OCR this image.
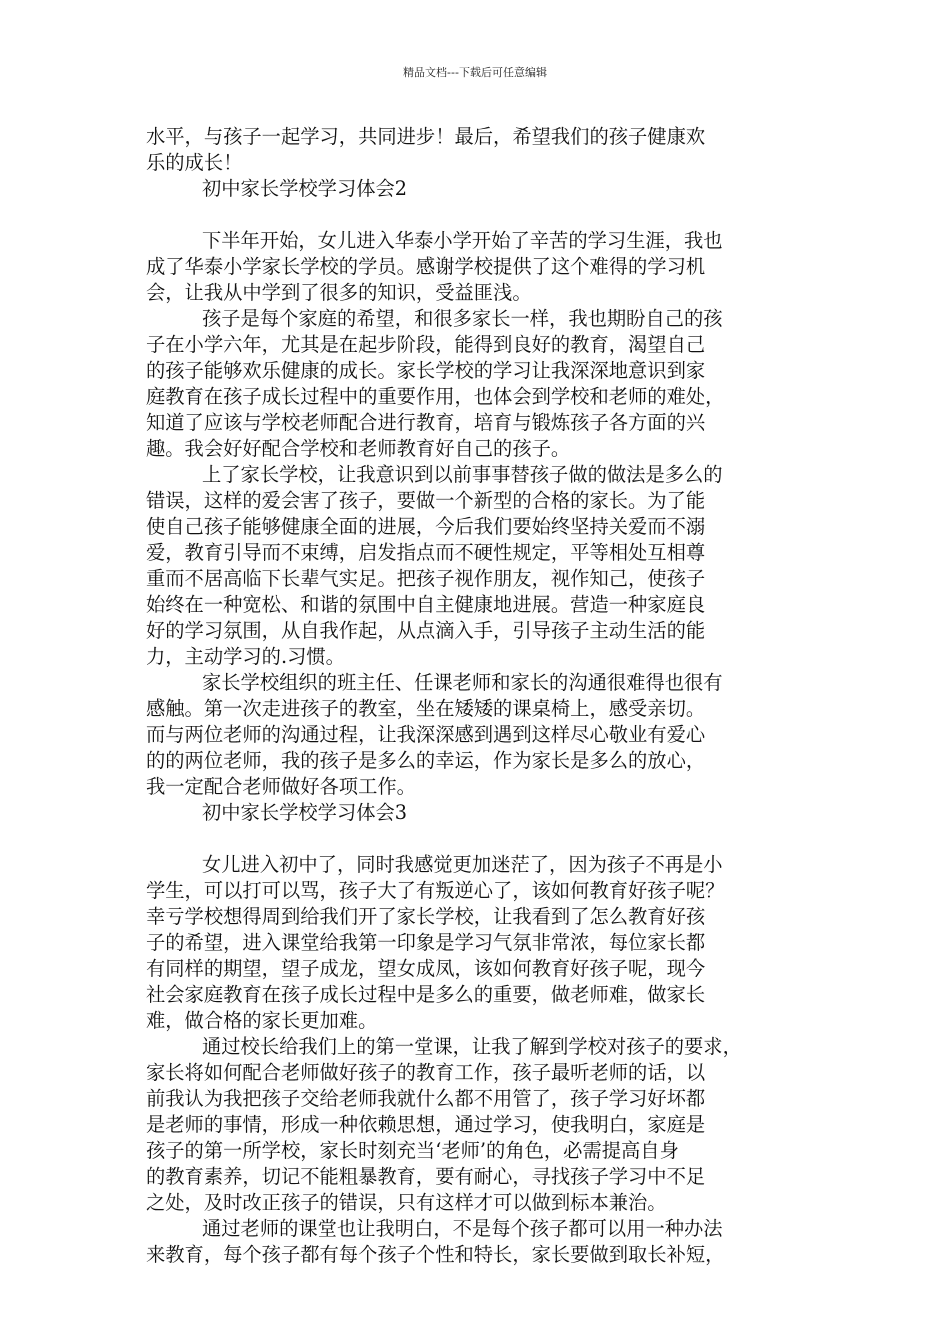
精品文档---下载后可任意编辑
水平，与孩子一起学习，共同进步！最后，希望我们的孩子健康欢
乐的成长！
初中家长学校学习体会2
下半年开始，女儿进入华泰小学开始了辛苦的学习生涯，我也
成了华泰小学家长学校的学员。感谢学校提供了这个难得的学习机
会，让我从中学到了很多的知识，受益匪浅。
孩子是每个家庭的希望，和很多家长一样，我也期盼自己的孩
子在小学六年，尤其是在起步阶段，能得到良好的教育，渴望自己
的孩子能够欢乐健康的成长。家长学校的学习让我深深地意识到家
庭教育在孩子成长过程中的重要作用，也体会到学校和老师的难处，
知道了应该与学校老师配合进行教育，培育与锻炼孩子各方面的兴
趣。我会好好配合学校和老师教育好自己的孩子。
上了家长学校，让我意识到以前事事替孩子做的做法是多么的
错误，这样的爱会害了孩子，要做一个新型的合格的家长。为了能
使自己孩子能够健康全面的进展，今后我们要始终坚持关爱而不溺
爱，教育引导而不束缚，启发指点而不硬性规定，平等相处互相尊
重而不居高临下长辈气实足。把孩子视作朋友，视作知己，使孩子
始终在一种宽松、和谐的氛围中自主健康地进展。营造一种家庭良
好的学习氛围，从自我作起，从点滴入手，引导孩子主动生活的能
力，主动学习的.习惯。
家长学校组织的班主任、任课老师和家长的沟通很难得也很有
感触。第一次走进孩子的教室，坐在矮矮的课桌椅上，感受亲切。
而与两位老师的沟通过程，让我深深感到遇到这样尽心敬业有爱心
的的两位老师，我的孩子是多么的幸运，作为家长是多么的放心，
我一定配合老师做好各项工作。
初中家长学校学习体会3
女儿进入初中了，同时我感觉更加迷茫了，因为孩子不再是小
学生，可以打可以骂，孩子大了有叛逆心了，该如何教育好孩子呢？
幸亏学校想得周到给我们开了家长学校，让我看到了怎么教育好孩
子的希望，进入课堂给我第一印象是学习气氛非常浓，每位家长都
有同样的期望，望子成龙，望女成凤，该如何教育好孩子呢，现今
社会家庭教育在孩子成长过程中是多么的重要，做老师难，做家长
难，做合格的家长更加难。
通过校长给我们上的第一堂课，让我了解到学校对孩子的要求，
家长将如何配合老师做好孩子的教育工作，孩子最听老师的话，以
前我认为我把孩子交给老师我就什么都不用管了，孩子学习好坏都
是老师的事情，形成一种依赖思想，通过学习，使我明白，家庭是
孩子的第一所学校，家长时刻充当‘老师’的角色，必需提高自身
的教育素养，切记不能粗暴教育，要有耐心，寻找孩子学习中不足
之处，及时改正孩子的错误，只有这样才可以做到标本兼治。
通过老师的课堂也让我明白，不是每个孩子都可以用一种办法
来教育，每个孩子都有每个孩子个性和特长，家长要做到取长补短，
